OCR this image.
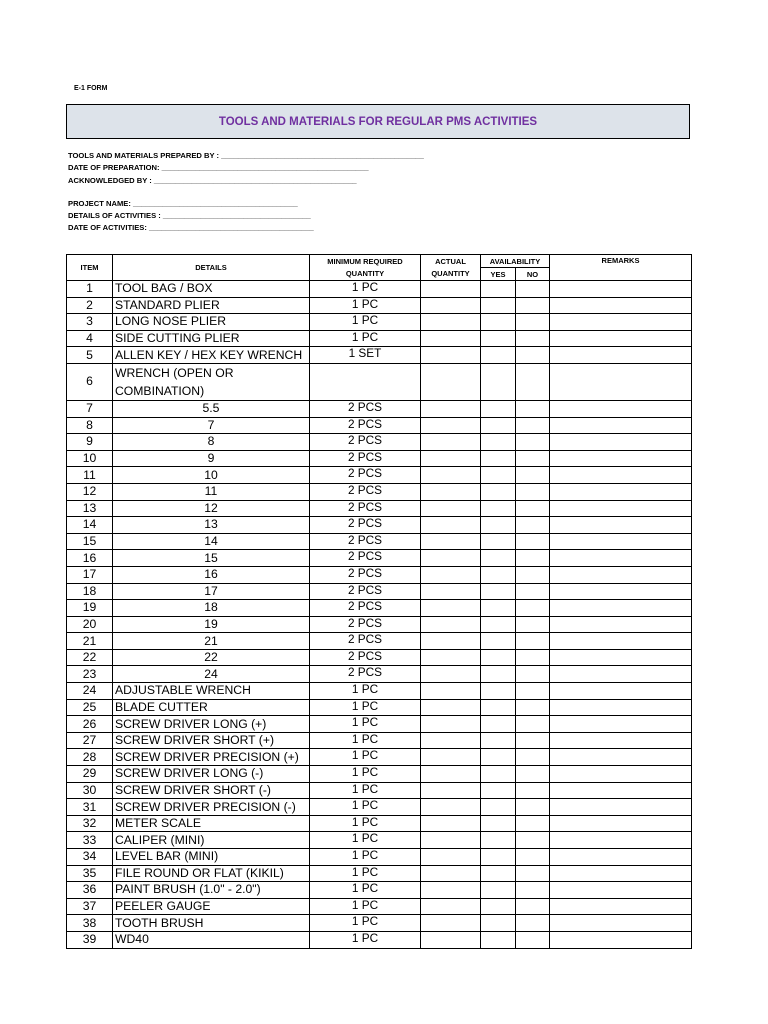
E-1 FORM
TOOLS AND MATERIALS FOR REGULAR PMS ACTIVITIES
TOOLS AND MATERIALS PREPARED BY : ________________________________________________
DATE OF PREPARATION: _________________________________________________
ACKNOWLEDGED BY : ________________________________________________
PROJECT NAME: _______________________________________
DETAILS OF ACTIVITIES : ___________________________________
DATE OF ACTIVITIES: _______________________________________
ITEM	DETAILS	MINIMUM REQUIRED QUANTITY	ACTUAL QUANTITY	AVAILABILITY		REMARKS
				YES	NO	
1	TOOL BAG / BOX	1 PC				
2	STANDARD PLIER	1 PC				
3	LONG NOSE PLIER	1 PC				
4	SIDE CUTTING PLIER	1 PC				
5	ALLEN KEY / HEX KEY WRENCH	1 SET				
6	WRENCH (OPEN OR COMBINATION)					
7	5.5	2 PCS				
8	7	2 PCS				
9	8	2 PCS				
10	9	2 PCS				
11	10	2 PCS				
12	11	2 PCS				
13	12	2 PCS				
14	13	2 PCS				
15	14	2 PCS				
16	15	2 PCS				
17	16	2 PCS				
18	17	2 PCS				
19	18	2 PCS				
20	19	2 PCS				
21	21	2 PCS				
22	22	2 PCS				
23	24	2 PCS				
24	ADJUSTABLE WRENCH	1 PC				
25	BLADE CUTTER	1 PC				
26	SCREW DRIVER LONG (+)	1 PC				
27	SCREW DRIVER SHORT (+)	1 PC				
28	SCREW DRIVER PRECISION (+)	1 PC				
29	SCREW DRIVER LONG (-)	1 PC				
30	SCREW DRIVER SHORT (-)	1 PC				
31	SCREW DRIVER PRECISION (-)	1 PC				
32	METER SCALE	1 PC				
33	CALIPER (MINI)	1 PC				
34	LEVEL BAR (MINI)	1 PC				
35	FILE ROUND OR FLAT (KIKIL)	1 PC				
36	PAINT BRUSH (1.0" - 2.0")	1 PC				
37	PEELER GAUGE	1 PC				
38	TOOTH BRUSH	1 PC				
39	WD40	1 PC				
